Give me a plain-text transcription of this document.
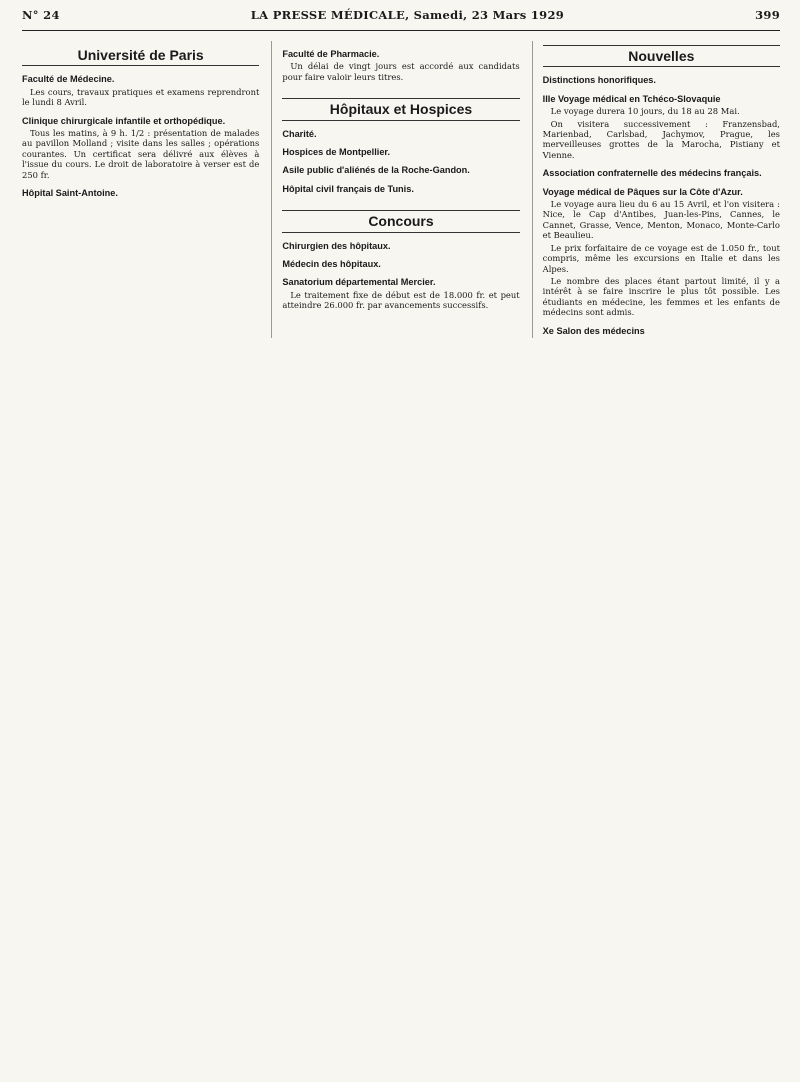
N° 24	LA PRESSE MÉDICALE, Samedi, 23 Mars 1929	399
Université de Paris
Faculté de Médecine.

Les cours, travaux pratiques et examens reprendront le lundi 8 Avril.

Clinique chirurgicale infantile et orthopédique.

Tous les matins, à 9 h. 1/2 : présentation de malades au pavillon Molland ; visite dans les salles ; opérations courantes. Un certificat sera délivré aux élèves à l'issue du cours. Le droit de laboratoire à verser est de 250 fr.

Hôpital Saint-Antoine.
Faculté de Pharmacie.

Un délai de vingt jours est accordé aux candidats pour faire valoir leurs titres.

Hôpitaux et Hospices
Charité.
Hospices de Montpellier.
Asile public d'aliénés de la Roche-Gandon.
Hôpital civil français de Tunis.
Concours
Chirurgien des hôpitaux.
Médecin des hôpitaux.
Sanatorium départemental Mercier.

Le traitement fixe de début est de 18.000 fr. et peut atteindre 26.000 fr. par avancements successifs.

Nouvelles
Distinctions honorifiques.
IIIe Voyage médical en Tchéco-Slovaquie

Le voyage durera 10 jours, du 18 au 28 Mai.

On visitera successivement : Franzensbad, Marienbad, Carlsbad, Jachymov, Prague, les merveilleuses grottes de la Marocha, Pistiany et Vienne.

Association confraternelle des médecins français.
Voyage médical de Pâques sur la Côte d'Azur.

Le voyage aura lieu du 6 au 15 Avril, et l'on visitera : Nice, le Cap d'Antibes, Juan-les-Pins, Cannes, le Cannet, Grasse, Vence, Menton, Monaco, Monte-Carlo et Beaulieu.

Le prix forfaitaire de ce voyage est de 1.050 fr., tout compris, même les excursions en Italie et dans les Alpes.

Le nombre des places étant partout limité, il y a intérêt à se faire inscrire le plus tôt possible. Les étudiants en médecine, les femmes et les enfants de médecins sont admis.

Xe Salon des médecins
